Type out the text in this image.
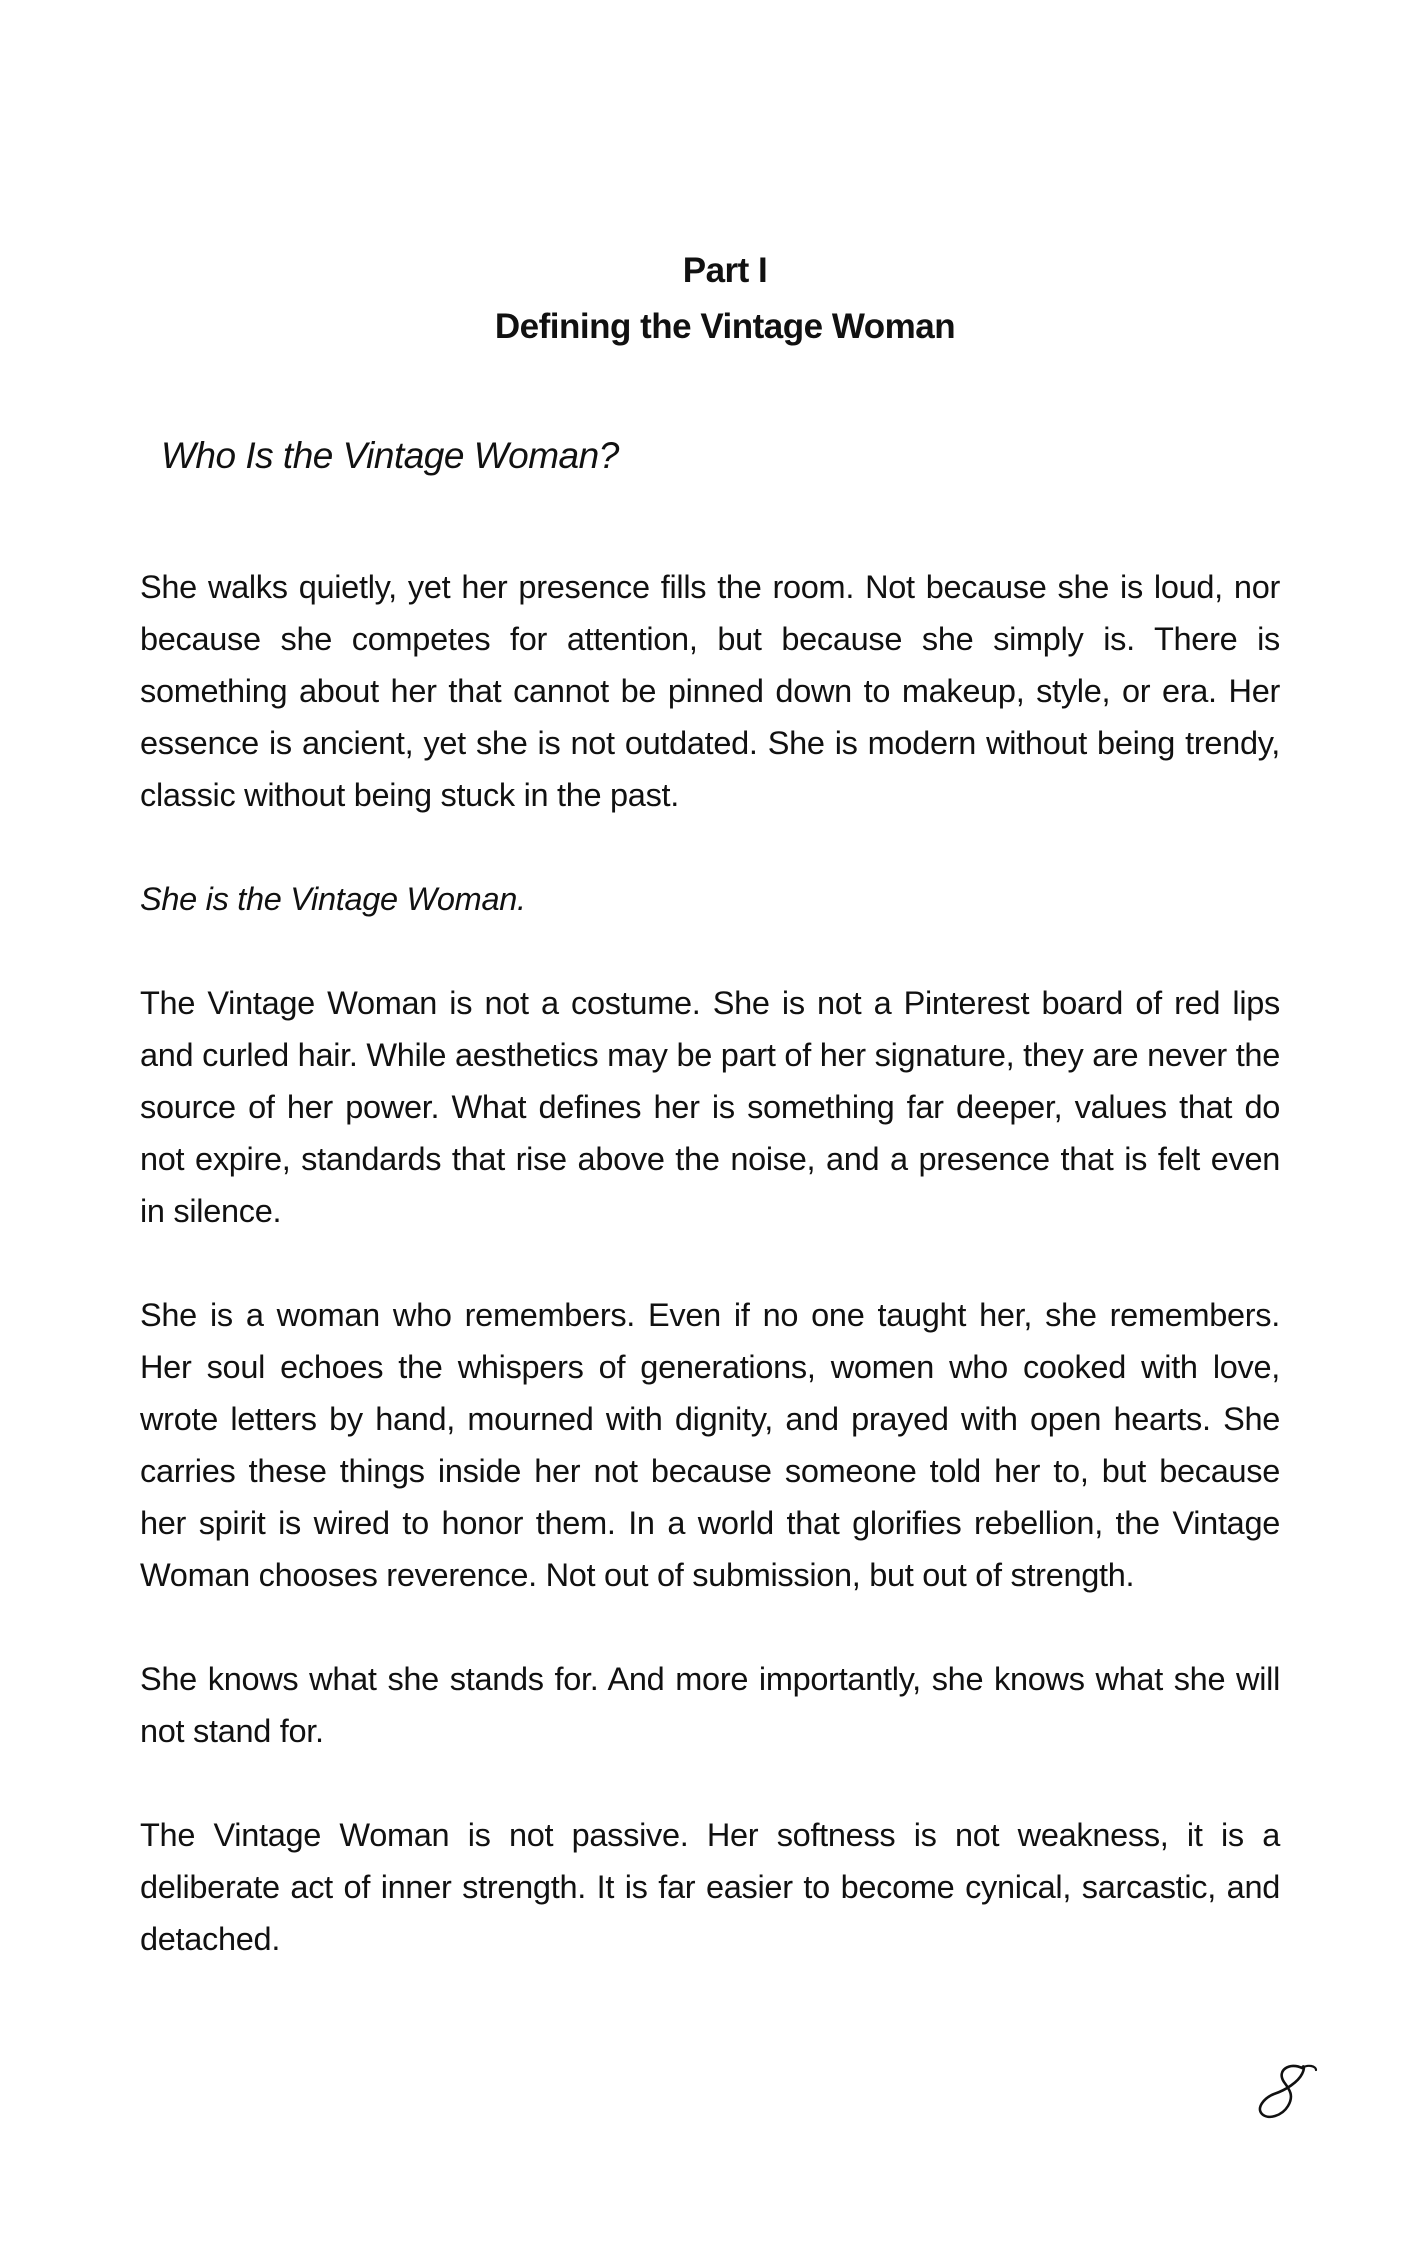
Part I
Defining the Vintage Woman
Who Is the Vintage Woman?

She walks quietly, yet her presence fills the room. Not because she is loud, nor because she competes for attention, but because she simply is. There is something about her that cannot be pinned down to makeup, style, or era. Her essence is ancient, yet she is not outdated. She is modern without being trendy, classic without being stuck in the past.

She is the Vintage Woman.

The Vintage Woman is not a costume. She is not a Pinterest board of red lips and curled hair. While aesthetics may be part of her signature, they are never the source of her power. What defines her is something far deeper, values that do not expire, standards that rise above the noise, and a presence that is felt even in silence.

She is a woman who remembers. Even if no one taught her, she remembers. Her soul echoes the whispers of generations, women who cooked with love, wrote letters by hand, mourned with dignity, and prayed with open hearts. She carries these things inside her not because someone told her to, but because her spirit is wired to honor them. In a world that glorifies rebellion, the Vintage Woman chooses reverence. Not out of submission, but out of strength.

She knows what she stands for. And more importantly, she knows what she will not stand for.

The Vintage Woman is not passive. Her softness is not weakness, it is a deliberate act of inner strength. It is far easier to become cynical, sarcastic, and detached.

8
